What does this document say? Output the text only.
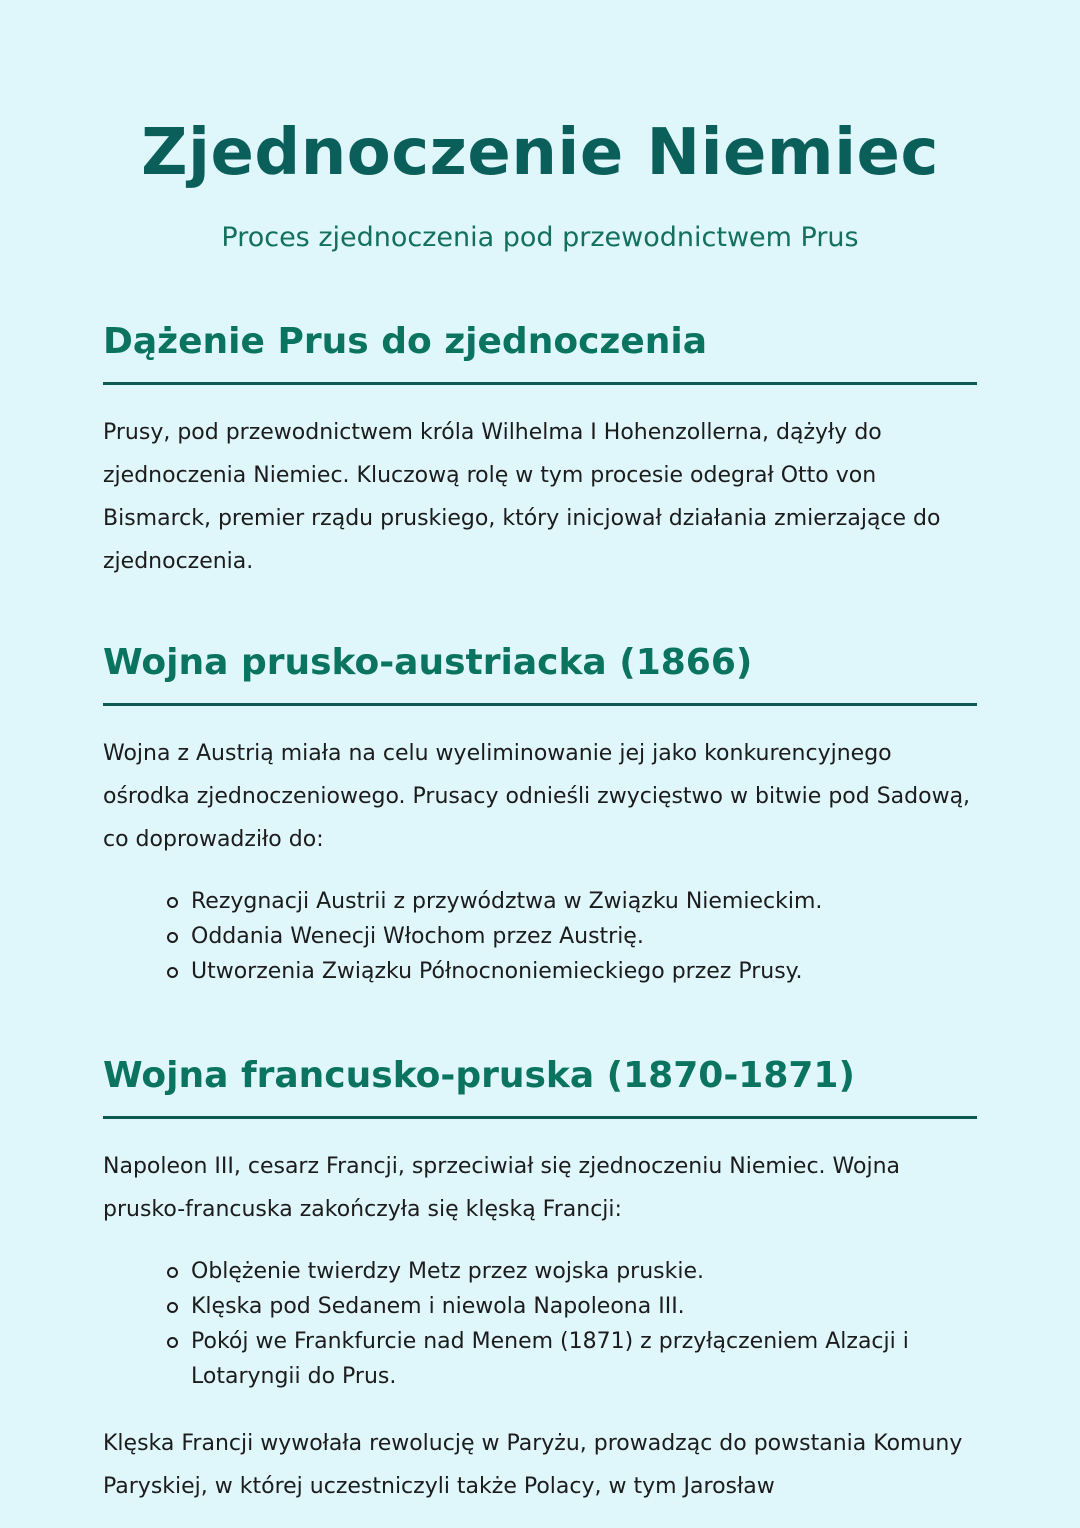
Zjednoczenie Niemiec

Proces zjednoczenia pod przewodnictwem Prus

Dążenie Prus do zjednoczenia

Prusy, pod przewodnictwem króla Wilhelma I Hohenzollerna, dążyły do zjednoczenia Niemiec. Kluczową rolę w tym procesie odegrał Otto von Bismarck, premier rządu pruskiego, który inicjował działania zmierzające do zjednoczenia.

Wojna prusko-austriacka (1866)

Wojna z Austrią miała na celu wyeliminowanie jej jako konkurencyjnego ośrodka zjednoczeniowego. Prusacy odnieśli zwycięstwo w bitwie pod Sadową, co doprowadziło do:

Rezygnacji Austrii z przywództwa w Związku Niemieckim.
Oddania Wenecji Włochom przez Austrię.
Utworzenia Związku Północnoniemieckiego przez Prusy.
Wojna francusko-pruska (1870-1871)

Napoleon III, cesarz Francji, sprzeciwiał się zjednoczeniu Niemiec. Wojna prusko-francuska zakończyła się klęską Francji:

Oblężenie twierdzy Metz przez wojska pruskie.
Klęska pod Sedanem i niewola Napoleona III.
Pokój we Frankfurcie nad Menem (1871) z przyłączeniem Alzacji i Lotaryngii do Prus.

Klęska Francji wywołała rewolucję w Paryżu, prowadząc do powstania Komuny Paryskiej, w której uczestniczyli także Polacy, w tym Jarosław
